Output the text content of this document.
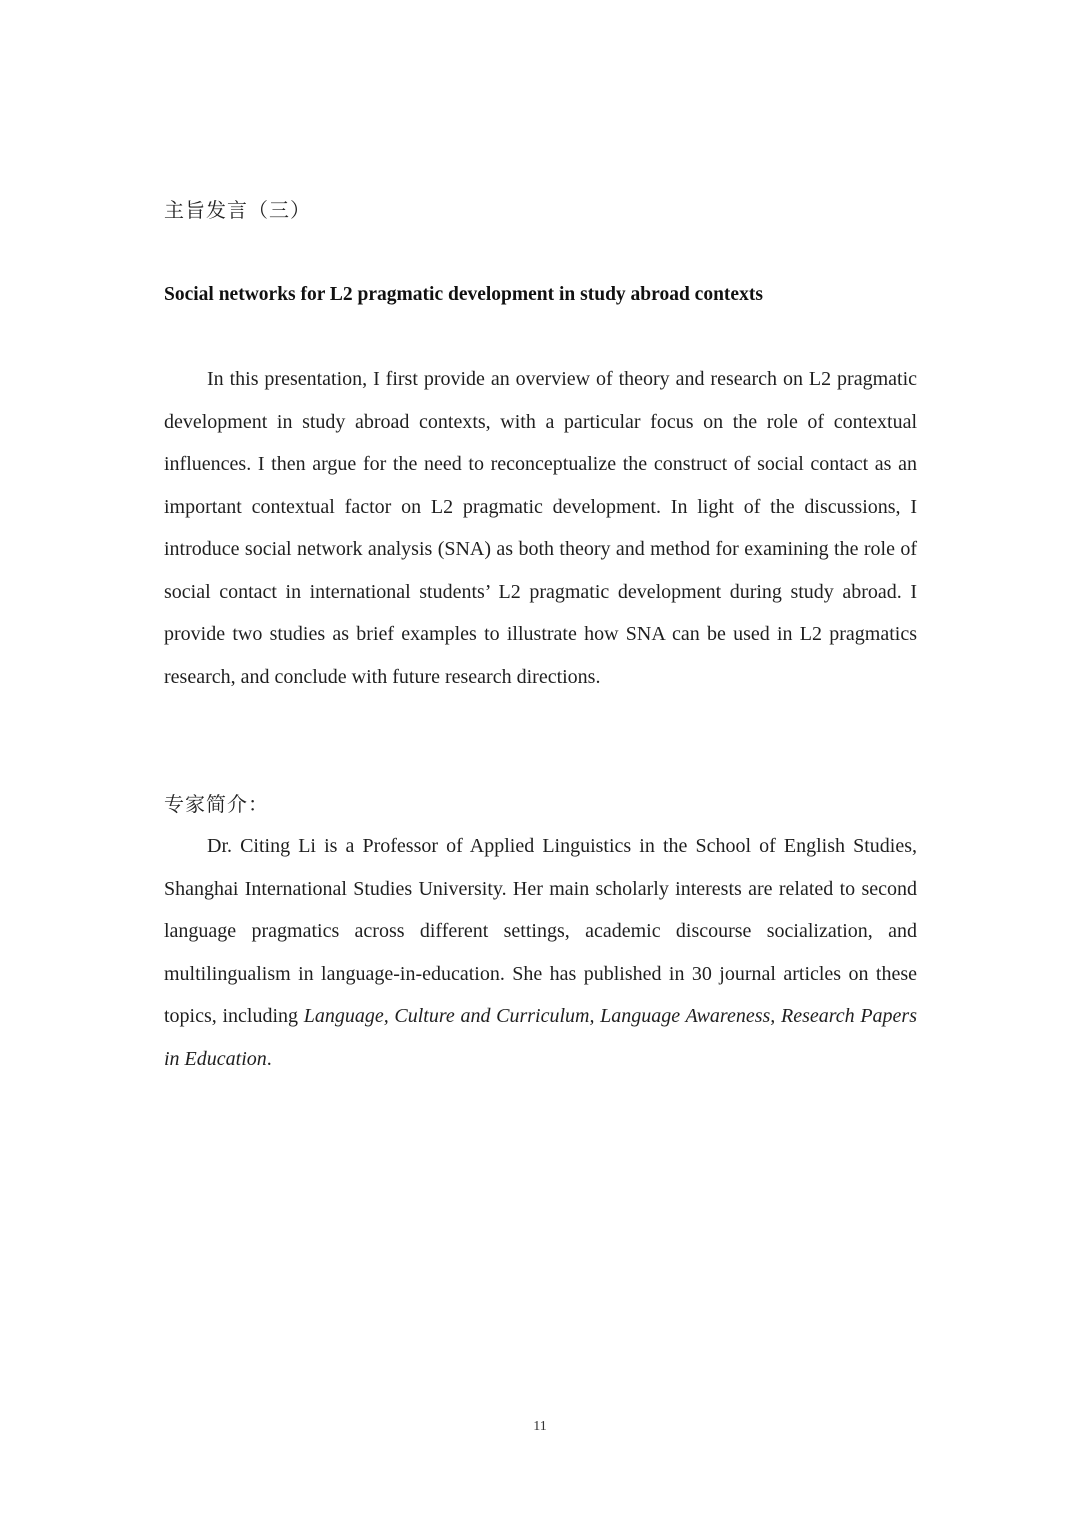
主旨发言（三）

Social networks for L2 pragmatic development in study abroad contexts

In this presentation, I first provide an overview of theory and research on L2 pragmatic development in study abroad contexts, with a particular focus on the role of contextual influences. I then argue for the need to reconceptualize the construct of social contact as an important contextual factor on L2 pragmatic development. In light of the discussions, I introduce social network analysis (SNA) as both theory and method for examining the role of social contact in international students’ L2 pragmatic development during study abroad. I provide two studies as brief examples to illustrate how SNA can be used in L2 pragmatics research, and conclude with future research directions.

专家简介：

Dr. Citing Li is a Professor of Applied Linguistics in the School of English Studies, Shanghai International Studies University. Her main scholarly interests are related to second language pragmatics across different settings, academic discourse socialization, and multilingualism in language-in-education. She has published in 30 journal articles on these topics, including Language, Culture and Curriculum, Language Awareness, Research Papers in Education.

11
